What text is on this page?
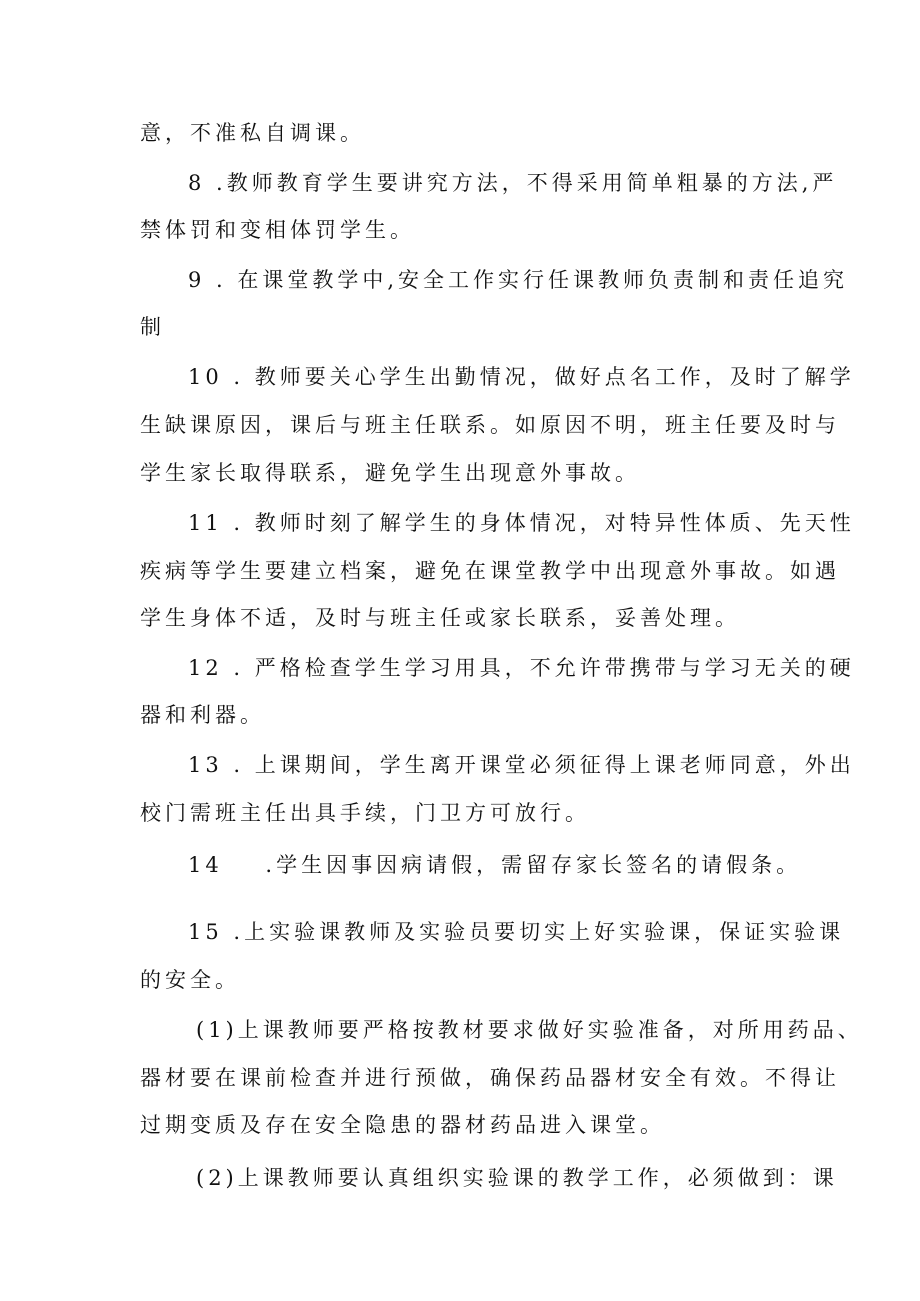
意，不准私自调课。
8 .教师教育学生要讲究方法，不得采用简单粗暴的方法,严
禁体罚和变相体罚学生。
9 . 在课堂教学中,安全工作实行任课教师负责制和责任追究
制
10 . 教师要关心学生出勤情况，做好点名工作，及时了解学
生缺课原因，课后与班主任联系。如原因不明，班主任要及时与
学生家长取得联系，避免学生出现意外事故。
11 . 教师时刻了解学生的身体情况，对特异性体质、先天性
疾病等学生要建立档案，避免在课堂教学中出现意外事故。如遇
学生身体不适，及时与班主任或家长联系，妥善处理。
12 . 严格检查学生学习用具，不允许带携带与学习无关的硬
器和利器。
13 . 上课期间，学生离开课堂必须征得上课老师同意，外出
校门需班主任出具手续，门卫方可放行。
14    .学生因事因病请假，需留存家长签名的请假条。
15 .上实验课教师及实验员要切实上好实验课，保证实验课
的安全。
(1)上课教师要严格按教材要求做好实验准备，对所用药品、
器材要在课前检查并进行预做，确保药品器材安全有效。不得让
过期变质及存在安全隐患的器材药品进入课堂。
(2)上课教师要认真组织实验课的教学工作，必须做到：课
